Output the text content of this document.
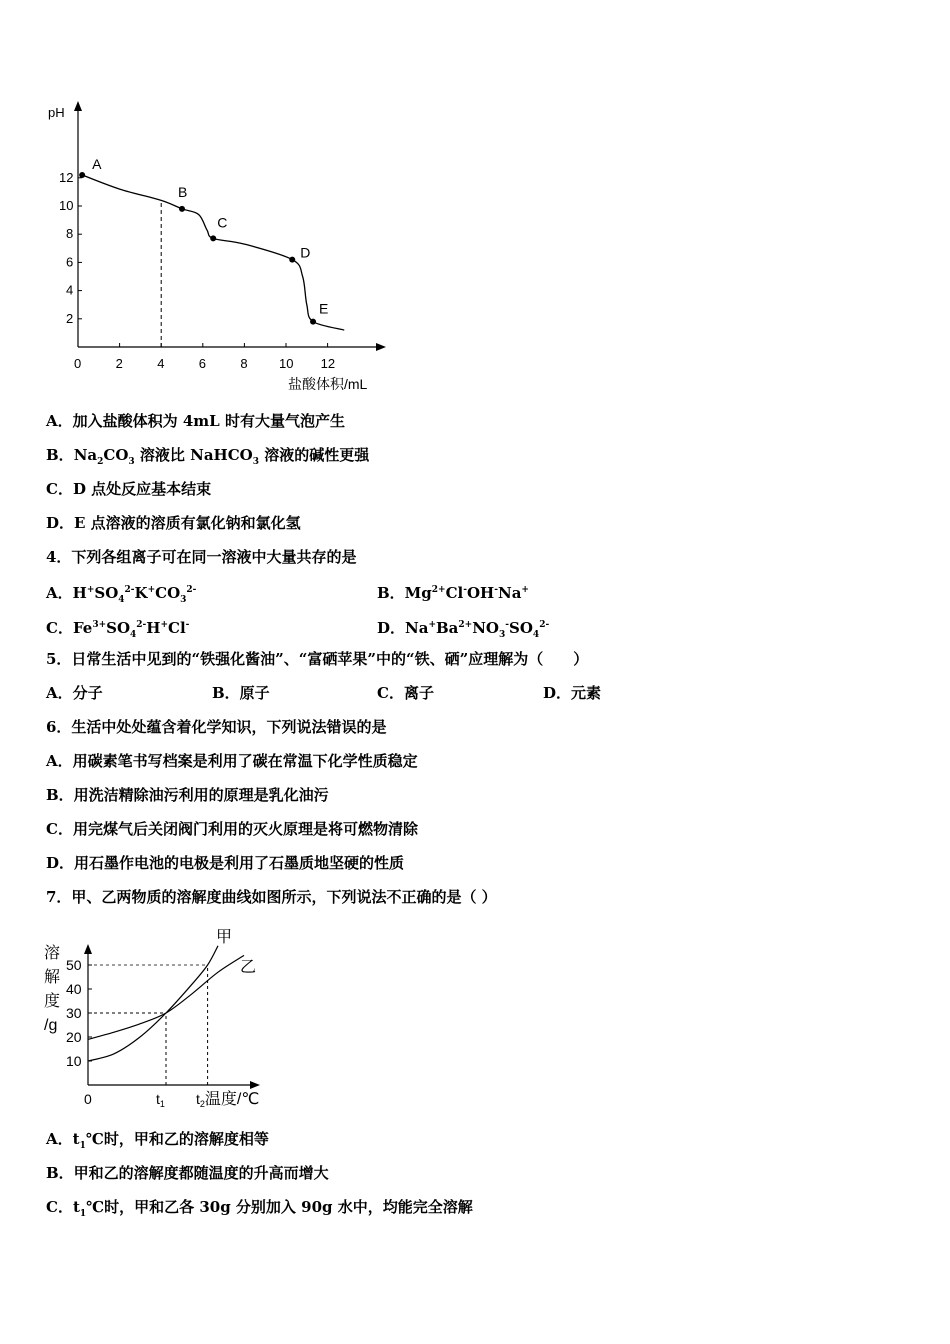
0	2	4	6	8 10 12
2
4
6
8
10
12
A
B
C
D
E
pH
盐酸体积/mL
A．加入盐酸体积为 4mL 时有大量气泡产生
B．$Na_2CO_3$ 溶液比 NaHCO$_3$ 溶液的碱性更强
C．D 点处反应基本结束
D．E 点溶液的溶质有氯化钠和氯化氢
4．下列各组离子可在同一溶液中大量共存的是
A．$H^+SO_4^{2-}K^+CO_3^{2-}$	B．$Mg^{2+}Cl^-OH^-Na^+$
C．$Fe^{3+}SO_4^{2-}H^+Cl^-$	D．$Na^+Ba^{2+}NO_3^-SO_4^{2-}$
5．日常生活中见到的“铁强化酱油”、“富硒苹果”中的“铁、硒”应理解为（　　）
A．分子	B．原子	C．离子	D．元素
6．生活中处处蕴含着化学知识，下列说法错误的是
A．用碳素笔书写档案是利用了碳在常温下化学性质稳定
B．用洗洁精除油污利用的原理是乳化油污
C．用完煤气后关闭阀门利用的灭火原理是将可燃物清除
D．用石墨作电池的电极是利用了石墨质地坚硬的性质
7．甲、乙两物质的溶解度曲线如图所示，下列说法不正确的是（ ）
10
20
30
40
50
甲
乙
溶
解
度
/g
0	$t_1$ $t_2$温度/℃
A．$t_1℃$时，甲和乙的溶解度相等
B．甲和乙的溶解度都随温度的升高而增大
C．$t_1℃$时，甲和乙各 30g 分别加入 90g 水中，均能完全溶解
